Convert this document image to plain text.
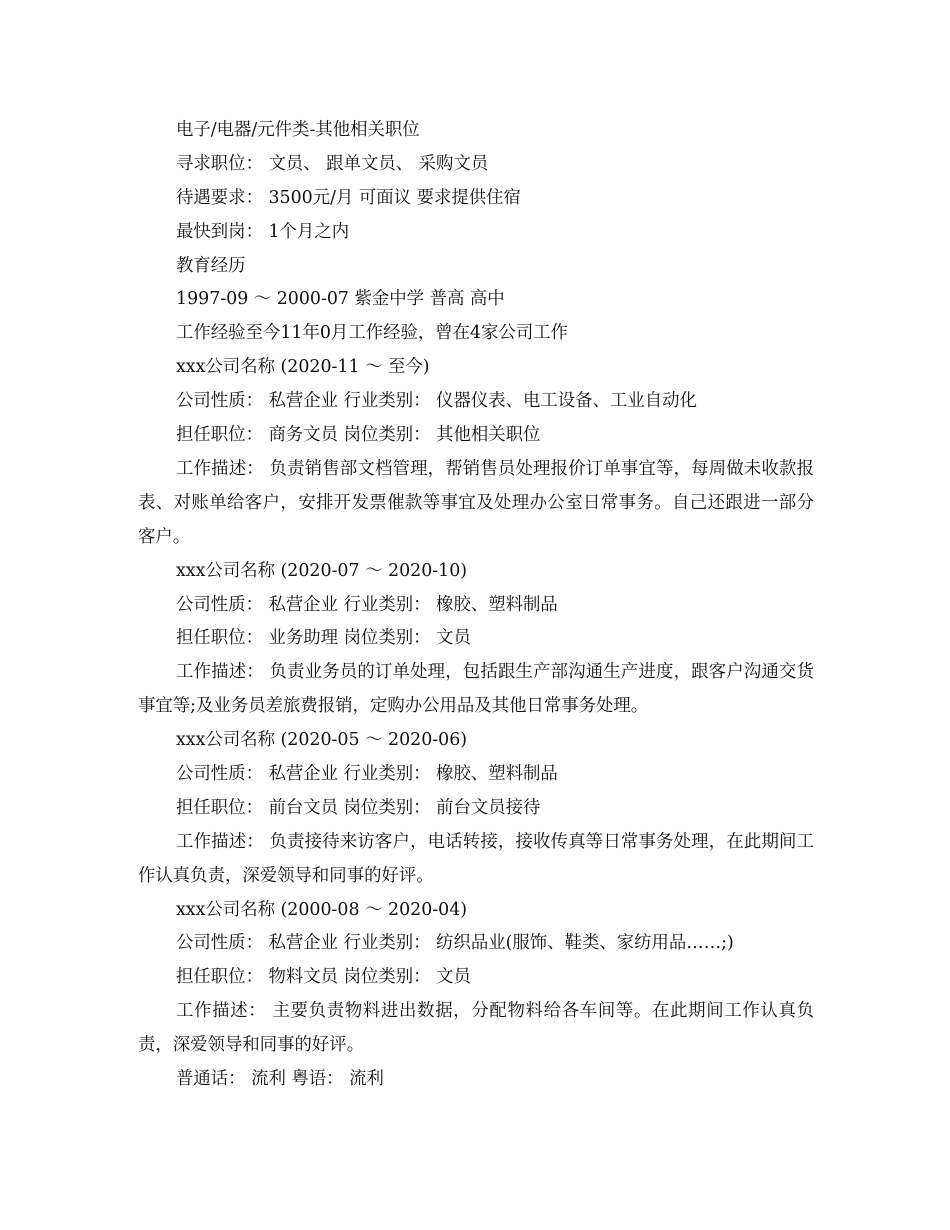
电子/电器/元件类-其他相关职位
寻求职位： 文员、 跟单文员、 采购文员
待遇要求： 3500元/月 可面议 要求提供住宿
最快到岗： 1个月之内
教育经历
1997-09 ～ 2000-07 紫金中学 普高 高中
工作经验至今11年0月工作经验，曾在4家公司工作
xxx公司名称 (2020-11 ～ 至今)
公司性质： 私营企业 行业类别： 仪器仪表、电工设备、工业自动化
担任职位： 商务文员 岗位类别： 其他相关职位
工作描述： 负责销售部文档管理，帮销售员处理报价订单事宜等，每周做未收款报表、对账单给客户，安排开发票催款等事宜及处理办公室日常事务。自己还跟进一部分客户。
xxx公司名称 (2020-07 ～ 2020-10)
公司性质： 私营企业 行业类别： 橡胶、塑料制品
担任职位： 业务助理 岗位类别： 文员
工作描述： 负责业务员的订单处理，包括跟生产部沟通生产进度，跟客户沟通交货事宜等;及业务员差旅费报销，定购办公用品及其他日常事务处理。
xxx公司名称 (2020-05 ～ 2020-06)
公司性质： 私营企业 行业类别： 橡胶、塑料制品
担任职位： 前台文员 岗位类别： 前台文员接待
工作描述： 负责接待来访客户，电话转接，接收传真等日常事务处理，在此期间工作认真负责，深爱领导和同事的好评。
xxx公司名称 (2000-08 ～ 2020-04)
公司性质： 私营企业 行业类别： 纺织品业(服饰、鞋类、家纺用品……;)
担任职位： 物料文员 岗位类别： 文员
工作描述： 主要负责物料进出数据，分配物料给各车间等。在此期间工作认真负责，深爱领导和同事的好评。
普通话： 流利 粤语： 流利
